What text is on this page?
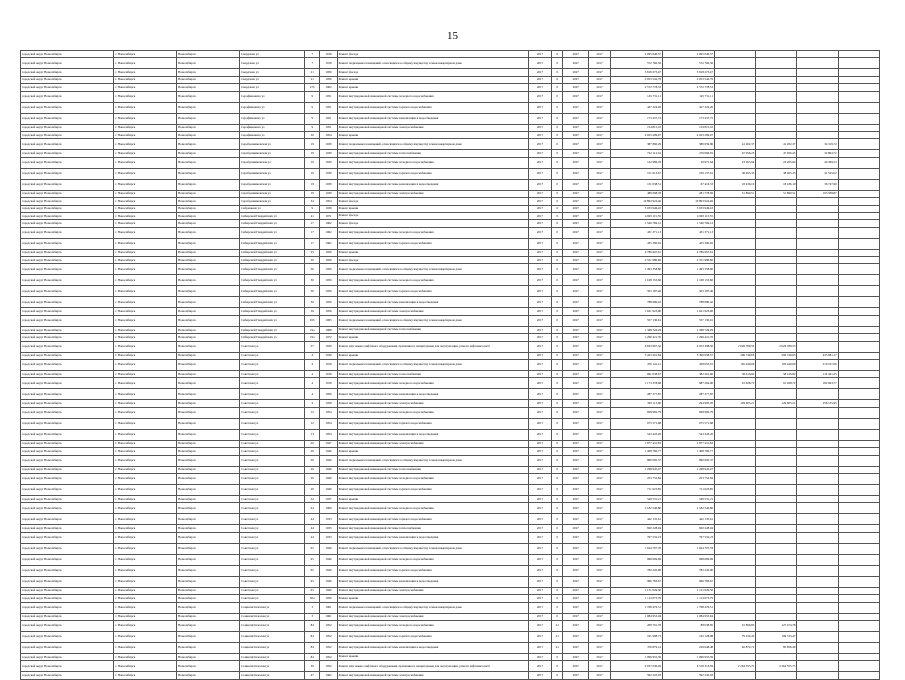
15
городской округ Новосибирск	г. Новосибирск	Новосибирск	Свердлова ул	7	1918	Ремонт фасада	2017	0	2027	2017	2 095 040,37	2 095 040,37				
городской округ Новосибирск	г. Новосибирск	Новосибирск	Свердлова ул	7	1918	Ремонт подвальных помещений, относящихся к общему имуществу в многоквартирном доме	2017	0	2027	2017	572 760,56	572 760,56				
городской округ Новосибирск	г. Новосибирск	Новосибирск	Свердлова ул	21	1956	Ремонт фасада	2017	0	2027	2017	3 818 273,47	3 818 273,47				
городской округ Новосибирск	г. Новосибирск	Новосибирск	Свердлова ул	21	1956	Ремонт крыши	2017	0	2027	2017	2 053 542,79	2 053 542,79				
городской округ Новосибирск	г. Новосибирск	Новосибирск	Свердлова ул	27б	1962	Ремонт крыши	2017	0	2027	2017	2 572 778,53	2 572 778,53				
городской округ Новосибирск	г. Новосибирск	Новосибирск	Серафимовича ул	9	1951	Ремонт внутридомовой инженерной системы холодного водоснабжения	2017	0	2027	2017	145 731,11	145 731,11				
городской округ Новосибирск	г. Новосибирск	Новосибирск	Серафимовича ул	9	1951	Ремонт внутридомовой инженерной системы горячего водоснабжения	2017	0	2027	2017	427 324,26	427 324,26				
городской округ Новосибирск	г. Новосибирск	Новосибирск	Серафимовича ул	9	1951	Ремонт внутридомовой инженерной системы канализации и водоотведения	2017	0	2027	2017	173 437,72	173 437,72				
городской округ Новосибирск	г. Новосибирск	Новосибирск	Серафимовича ул	9	1951	Ремонт внутридомовой инженерной системы электроснабжения	2017	0	2027	2017	154 815,10	154 815,10				
городской округ Новосибирск	г. Новосибирск	Новосибирск	Серафимовича ул	30	1954	Ремонт крыши	2017	0	2027	2017	4 023 209,07	4 023 209,07				
городской округ Новосибирск	г. Новосибирск	Новосибирск	Серебренниковская ул	19	1939	Ремонт подвальных помещений, относящихся к общему имуществу в многоквартирном доме	2017	0	2027	2017	387 860,29	380 659,86	41 202,37	41 202,37	34 319,72	
городской округ Новосибирск	г. Новосибирск	Новосибирск	Серебренниковская ул	19	1939	Ремонт внутридомовой инженерной системы теплоснабжения	2017	0	2027	2017	722 112,16	276 066,81	47 056,25	47 056,25	32 864,72	
городской округ Новосибирск	г. Новосибирск	Новосибирск	Серебренниковская ул	19	1939	Ремонт внутридомовой инженерной системы холодного водоснабжения	2017	0	2027	2017	122 986,76	29 975,64	23 265,94	23 265,94	46 369,53	
городской округ Новосибирск	г. Новосибирск	Новосибирск	Серебренниковская ул	19	1939	Ремонт внутридомовой инженерной системы горячего водоснабжения	2017	0	2027	2017	151 613,67	109 137,61	38 465,33	38 465,33	41 545,02	
городской округ Новосибирск	г. Новосибирск	Новосибирск	Серебренниковская ул	19	1939	Ремонт внутридомовой инженерной системы канализации и водоотведения	2017	0	2027	2017	131 038,51	67 416,53	18 436,10	18 436,10	36 747,99	
городской округ Новосибирск	г. Новосибирск	Новосибирск	Серебренниковская ул	19	1939	Ремонт внутридомовой инженерной системы электроснабжения	2017	0	2027	2017	489 008,78	281 778,82	51 860,51	51 860,51	103 508,87	
городской округ Новосибирск	г. Новосибирск	Новосибирск	Серебренниковская ул	34	1954	Ремонт фасада	2017	0	2027	2017	10 893 924,46	10 893 924,46				
городской округ Новосибирск	г. Новосибирск	Новосибирск	Сибревкома ул	9	1939	Ремонт крыши	2017	0	2027	2017	3 033 946,43	3 033 946,43				
городской округ Новосибирск	г. Новосибирск	Новосибирск	Сибирской Гвардейских ул	41	1971	Ремонт фасада	2017	0	2027	2017	4 903 115,55	4 903 115,55				
городской округ Новосибирск	г. Новосибирск	Новосибирск	Сибирской Гвардейских ул	17	1962	Ремонт фасада	2017	0	2027	2017	1 540 769,12	1 540 769,12				
городской округ Новосибирск	г. Новосибирск	Новосибирск	Сибирской Гвардейских ул	17	1962	Ремонт внутридомовой инженерной системы холодного водоснабжения	2017	0	2027	2017	431 371,13	431 371,13				
городской округ Новосибирск	г. Новосибирск	Новосибирск	Сибирской Гвардейских ул	17	1962	Ремонт внутридомовой инженерной системы горячего водоснабжения	2017	0	2027	2017	435 390,02	435 390,02				
городской округ Новосибирск	г. Новосибирск	Новосибирск	Сибирской Гвардейских ул	25	1956	Ремонт крыши	2017	0	2027	2017	4 786 997,61	4 786 997,61				
городской округ Новосибирск	г. Новосибирск	Новосибирск	Сибирской Гвардейских ул	36	1956	Ремонт фасада	2017	0	2027	2017	2 551 980,66	2 551 980,66				
городской округ Новосибирск	г. Новосибирск	Новосибирск	Сибирской Гвардейских ул	36	1956	Ремонт подвальных помещений, относящихся к общему имуществу в многоквартирном доме	2017	0	2027	2017	1 493 358,60	1 493 358,60				
городской округ Новосибирск	г. Новосибирск	Новосибирск	Сибирской Гвардейских ул	36	1956	Ремонт внутридомовой инженерной системы холодного водоснабжения	2017	0	2027	2017	1 168 153,60	1 168 153,60				
городской округ Новосибирск	г. Новосибирск	Новосибирск	Сибирской Гвардейских ул	36	1956	Ремонт внутридомовой инженерной системы горячего водоснабжения	2017	0	2027	2017	503 187,46	503 187,46				
городской округ Новосибирск	г. Новосибирск	Новосибирск	Сибирской Гвардейских ул	36	1956	Ремонт внутридомовой инженерной системы канализации и водоотведения	2017	0	2027	2017	788 680,42	788 680,42				
городской округ Новосибирск	г. Новосибирск	Новосибирск	Сибирской Гвардейских ул	36	1956	Ремонт внутридомовой инженерной системы электроснабжения	2017	0	2027	2017	1 621 923,96	1 621 923,96				
городской округ Новосибирск	г. Новосибирск	Новосибирск	Сибирской Гвардейских ул	45б	1965	Ремонт подвальных помещений, относящихся к общему имуществу в многоквартирном доме	2017	0	2027	2017	557 130,61	557 130,61				
городской округ Новосибирск	г. Новосибирск	Новосибирск	Сибирской Гвардейских ул	19а	1968	Ремонт внутридомовой инженерной системы теплоснабжения	2017	0	2027	2017	1 368 726,29	1 368 726,29				
городской округ Новосибирск	г. Новосибирск	Новосибирск	Сибирской Гвардейских ул	19а	1972	Ремонт крыши	2017	0	2027	2017	1 266 421,70	1 266 421,70				
городской округ Новосибирск	г. Новосибирск	Новосибирск	Советская ул	37	1939	Ремонт или замена лифтового оборудования, признанного непригодным для эксплуатации, ремонт лифтовых шахт	2017	0	2027	2017	6 833 997,32	4 053 398,36	2 026 789,53	2 026 789,53		
городской округ Новосибирск	г. Новосибирск	Новосибирск	Советская ул	4	1939	Ремонт крыши	2017	0	2027	2017	3 423 201,84	3 390 658,37	206 749,65	206 749,65	435 081,17	
городской округ Новосибирск	г. Новосибирск	Новосибирск	Советская ул	4	1918	Ремонт подвальных помещений, относящихся к общему имуществу в многоквартирном доме	2017	0	2027	2017	476 141,21	458 055,01	105 449,09	105 449,09	210 107,06	
городской округ Новосибирск	г. Новосибирск	Новосибирск	Советская ул	4	1918	Ремонт внутридомовой инженерной системы теплоснабжения	2017	0	2027	2017	691 038,67	382 261,60	58 416,82	58 416,82	116 441,25	
городской округ Новосибирск	г. Новосибирск	Новосибирск	Советская ул	4	1918	Ремонт внутридомовой инженерной системы холодного водоснабжения	2017	0	2027	2017	1 173 378,68	987 294,90	91 028,72	91 028,72	182 843,77	
городской округ Новосибирск	г. Новосибирск	Новосибирск	Советская ул	4	1956	Ремонт внутридомовой инженерной системы канализации и водоотведения	2017	0	2027	2017	287 377,87	287 377,87				
городской округ Новосибирск	г. Новосибирск	Новосибирск	Советская ул	4	1958	Ремонт внутридомовой инженерной системы электроснабжения	2017	0	2027	2017	393 113,06	294 995,95	129 605,21	129 605,21	258 135,95	
городской округ Новосибирск	г. Новосибирск	Новосибирск	Советская ул	12	1954	Ремонт внутридомовой инженерной системы холодного водоснабжения	2017	0	2027	2017	828 982,79	828 982,79				
городской округ Новосибирск	г. Новосибирск	Новосибирск	Советская ул	12	1954	Ремонт внутридомовой инженерной системы горячего водоснабжения	2017	0	2027	2017	675 571,68	675 571,68				
городской округ Новосибирск	г. Новосибирск	Новосибирск	Советская ул	13	1954	Ремонт внутридомовой инженерной системы канализации и водоотведения	2017	0	2027	2017	543 443,26	543 443,26				
городской округ Новосибирск	г. Новосибирск	Новосибирск	Советская ул	20	1947	Ремонт внутридомовой инженерной системы электроснабжения	2017	0	2027	2017	1 877 431,83	1 877 431,83				
городской округ Новосибирск	г. Новосибирск	Новосибирск	Советская ул	26	1940	Ремонт крыши	2017	0	2027	2017	1 408 760,77	1 408 760,77				
городской округ Новосибирск	г. Новосибирск	Новосибирск	Советская ул	26	1940	Ремонт подвальных помещений, относящихся к общему имуществу в многоквартирном доме	2017	0	2027	2017	890 095,37	890 095,37				
городской округ Новосибирск	г. Новосибирск	Новосибирск	Советская ул	26	1940	Ремонт внутридомовой инженерной системы теплоснабжения	2017	0	2027	2017	1 268 945,47	1 268 945,47				
городской округ Новосибирск	г. Новосибирск	Новосибирск	Советская ул	26	1940	Ремонт внутридомовой инженерной системы холодного водоснабжения	2017	0	2027	2017	253 752,84	253 752,84				
городской округ Новосибирск	г. Новосибирск	Новосибирск	Советская ул	26	1940	Ремонт внутридомовой инженерной системы горячего водоснабжения	2017	0	2027	2017	711 623,85	711 623,85				
городской округ Новосибирск	г. Новосибирск	Новосибирск	Советская ул	32	1937	Ремонт крыши	2017	0	2027	2017	549 531,21	549 531,21				
городской округ Новосибирск	г. Новосибирск	Новосибирск	Советская ул	44	1960	Ремонт внутридомовой инженерной системы холодного водоснабжения	2017	0	2027	2017	2 182 540,80	2 182 540,80				
городской округ Новосибирск	г. Новосибирск	Новосибирск	Советская ул	44	1933	Ремонт внутридомовой инженерной системы горячего водоснабжения	2017	0	2027	2017	442 135,61	442 135,61				
городской округ Новосибирск	г. Новосибирск	Новосибирск	Советская ул	44	1933	Ремонт внутридомовой инженерной системы теплоснабжения	2017	0	2027	2017	820 228,04	820 228,04				
городской округ Новосибирск	г. Новосибирск	Новосибирск	Советская ул	44	1933	Ремонт внутридомовой инженерной системы канализации и водоотведения	2017	0	2027	2017	767 532,23	767 532,23				
городской округ Новосибирск	г. Новосибирск	Новосибирск	Советская ул	65	1940	Ремонт подвальных помещений, относящихся к общему имуществу в многоквартирном доме	2017	0	2027	2017	1 624 707,78	1 624 707,78				
городской округ Новосибирск	г. Новосибирск	Новосибирск	Советская ул	65	1940	Ремонт внутридомовой инженерной системы холодного водоснабжения	2017	0	2027	2017	998 609,69	998 609,69				
городской округ Новосибирск	г. Новосибирск	Новосибирск	Советская ул	65	1940	Ремонт внутридомовой инженерной системы горячего водоснабжения	2017	0	2027	2017	782 245,90	782 245,90				
городской округ Новосибирск	г. Новосибирск	Новосибирск	Советская ул	65	1940	Ремонт внутридомовой инженерной системы канализации и водоотведения	2017	0	2027	2017	966 783,67	966 783,67				
городской округ Новосибирск	г. Новосибирск	Новосибирск	Советская ул	65	1940	Ремонт внутридомовой инженерной системы электроснабжения	2017	0	2027	2017	1 131 029,50	1 131 029,50				
городской округ Новосибирск	г. Новосибирск	Новосибирск	Советская ул	65а	1950	Ремонт крыши	2017	0	2027	2017	1 113 073,79	1 113 073,79				
городской округ Новосибирск	г. Новосибирск	Новосибирск	Социалистическая ул	3	1961	Ремонт подвальных помещений, относящихся к общему имуществу в многоквартирном доме	2017	0	2027	2017	1 768 476,51	1 768 476,51				
городской округ Новосибирск	г. Новосибирск	Новосибирск	Социалистическая ул	3	1961	Ремонт внутридомовой инженерной системы электроснабжения	2017	0	2027	2017	1 084 953,04	1 084 953,04				
городской округ Новосибирск	г. Новосибирск	Новосибирск	Социалистическая ул	84	1952	Ремонт внутридомовой инженерной системы холодного водоснабжения	2017	41	2027	2017	208 791,78	88 038,85	91 866,85	127 474,78		
городской округ Новосибирск	г. Новосибирск	Новосибирск	Социалистическая ул	84	1952	Ремонт внутридомовой инженерной системы горячего водоснабжения	2017	41	2027	2017	191 998,73	162 128,08	79 234,43	199 723,47		
городской округ Новосибирск	г. Новосибирск	Новосибирск	Социалистическая ул	84	1952	Ремонт внутридомовой инженерной системы канализации и водоотведения	2017	41	2027	2017	376 879,14	229 648,48	62 872,72	85 856,40		
городской округ Новосибирск	г. Новосибирск	Новосибирск	Социалистическая ул	84	1952	Ремонт крыши	2017	0	2027	2017	1 096 955,39	1 096 955,39				
городской округ Новосибирск	г. Новосибирск	Новосибирск	Социалистическая ул	39	1952	Ремонт или замена лифтового оборудования, признанного непригодным для эксплуатации, ремонт лифтовых шахт	2017	0	2027	2017	9 037 030,04	6 518 313,59	2 264 355,75	2 264 355,75		
городской округ Новосибирск	г. Новосибирск	Новосибирск	Социалистическая ул	47	1962	Ремонт внутридомовой инженерной системы электроснабжения	2017	0	2027	2017	592 243,93	592 243,93				
